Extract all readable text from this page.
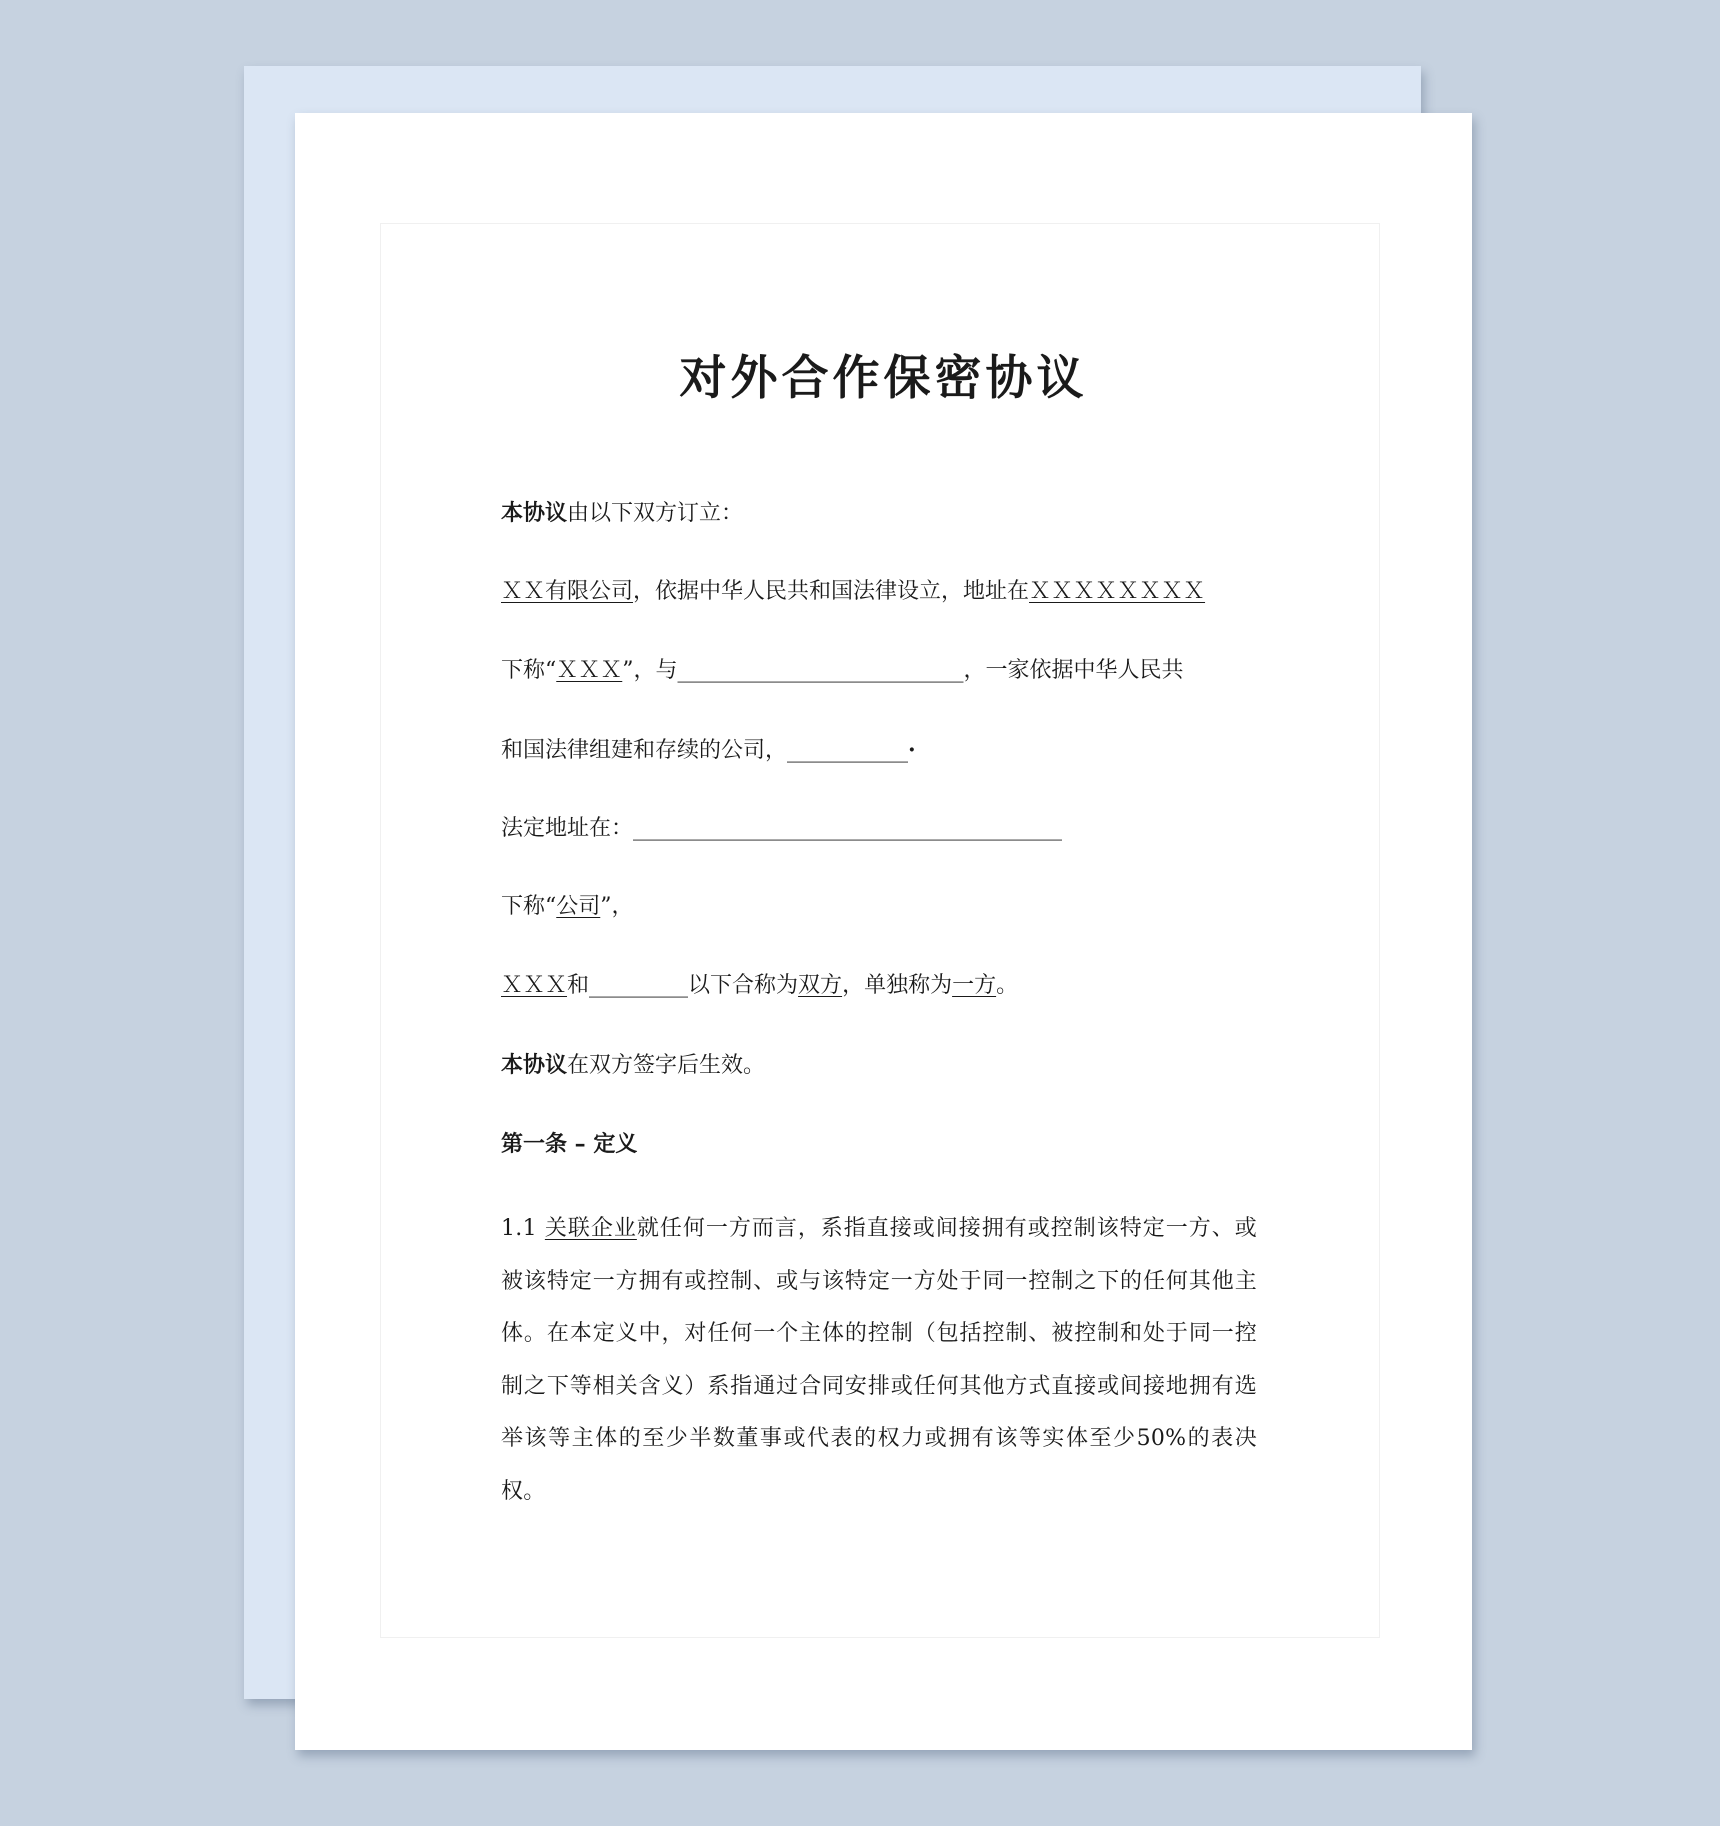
对外合作保密协议
本协议由以下双方订立：
ＸＸ有限公司，依据中华人民共和国法律设立，地址在ＸＸＸＸＸＸＸＸ
下称“ＸＸＸ”，与__________________________，一家依据中华人民共
和国法律组建和存续的公司，___________·
法定地址在：_______________________________________
下称“公司”，
ＸＸＸ和_________以下合称为双方，单独称为一方。
本协议在双方签字后生效。
第一条 – 定义
1.1 关联企业就任何一方而言，系指直接或间接拥有或控制该特定一方、或被该特定一方拥有或控制、或与该特定一方处于同一控制之下的任何其他主体。在本定义中，对任何一个主体的控制（包括控制、被控制和处于同一控制之下等相关含义）系指通过合同安排或任何其他方式直接或间接地拥有选举该等主体的至少半数董事或代表的权力或拥有该等实体至少50%的表决权。
